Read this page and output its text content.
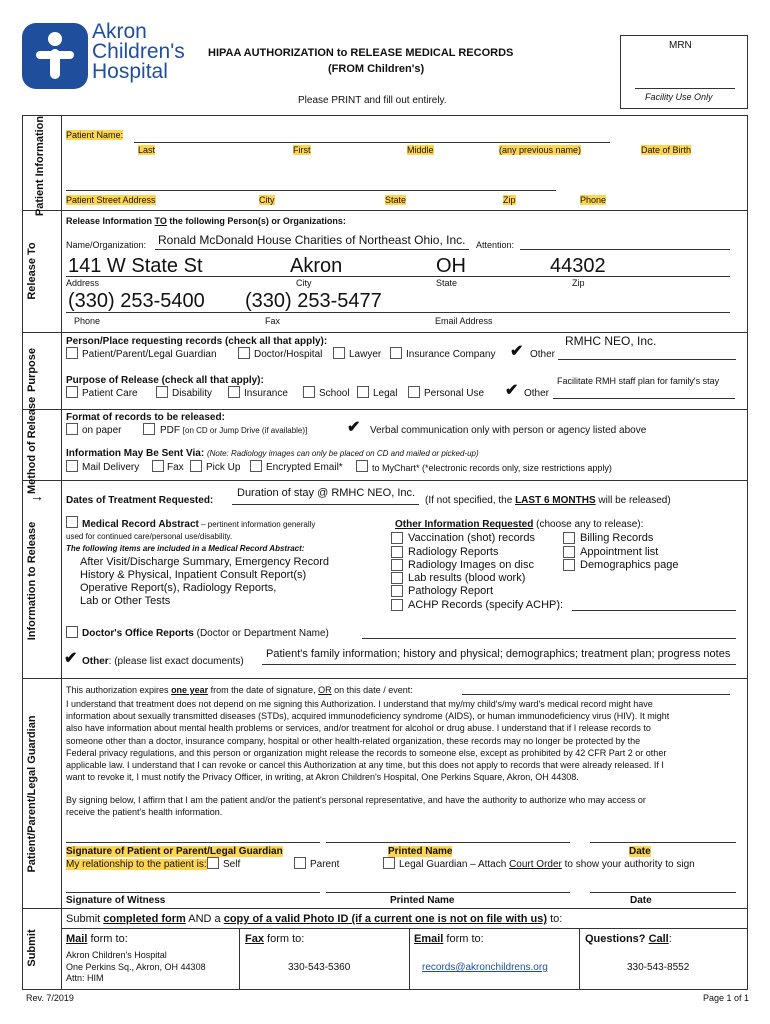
Akron
Children's
Hospital
HIPAA AUTHORIZATION to RELEASE MEDICAL RECORDS
(FROM Children's)
Please PRINT and fill out entirely.
MRN
Facility Use Only
Patient Information
Release To
Purpose
Method of Release
Information to Release
Patient/Parent/Legal Guardian
Submit
Patient Name:
Last	First	Middle	(any previous name)	Date of Birth
Patient Street Address	City	State	Zip	Phone
Release Information TO the following Person(s) or Organizations:
Name/Organization: Ronald McDonald House Charities of Northeast Ohio, Inc. Attention:
141 W State St	Akron	OH	44302
Address	City	State	Zip
(330) 253-5400 (330) 253-5477
Phone	Fax	Email Address
Person/Place requesting records (check all that apply):
Patient/Parent/Legal Guardian	Doctor/Hospital	Lawyer Insurance Company ✔ Other
RMHC NEO, Inc.
Purpose of Release (check all that apply):
Patient Care	Disability	Insurance	School Legal	Personal Use ✔ Other
Facilitate RMH staff plan for family's stay
Format of records to be released:
on paper	PDF [on CD or Jump Drive (if available)] ✔ Verbal communication only with person or agency listed above
Information May Be Sent Via: (Note: Radiology images can only be placed on CD and mailed or picked-up)
Mail Delivery	Fax Pick Up	Encrypted Email*	to MyChart* (*electronic records only, size restrictions apply)
→ Dates of Treatment Requested:
Duration of stay @ RMHC NEO, Inc.
(If not specified, the LAST 6 MONTHS will be released)
Medical Record Abstract – pertinent information generally
used for continued care/personal use/disability.
The following items are included in a Medical Record Abstract:
After Visit/Discharge Summary, Emergency Record
History & Physical, Inpatient Consult Report(s)
Operative Report(s), Radiology Reports,
Lab or Other Tests
Other Information Requested (choose any to release):
Vaccination (shot) records
Radiology Reports
Radiology Images on disc
Lab results (blood work)
Pathology Report
ACHP Records (specify ACHP):
Billing Records
Appointment list
Demographics page
Doctor's Office Reports (Doctor or Department Name)
✔ Other: (please list exact documents)
Patient's family information; history and physical; demographics; treatment plan; progress notes
This authorization expires one year from the date of signature, OR on this date / event:
I understand that treatment does not depend on me signing this Authorization. I understand that my/my child's/my ward's medical record might have
information about sexually transmitted diseases (STDs), acquired immunodeficiency syndrome (AIDS), or human immunodeficiency virus (HIV). It might
also have information about mental health problems or services, and/or treatment for alcohol or drug abuse. I understand that if I release records to
someone other than a doctor, insurance company, hospital or other health-related organization, these records may no longer be protected by the
Federal privacy regulations, and this person or organization might release the records to someone else, except as prohibited by 42 CFR Part 2 or other
applicable law. I understand that I can revoke or cancel this Authorization at any time, but this does not apply to records that were already released. If I
want to revoke it, I must notify the Privacy Officer, in writing, at Akron Children's Hospital, One Perkins Square, Akron, OH 44308.
By signing below, I affirm that I am the patient and/or the patient's personal representative, and have the authority to authorize who may access or
receive the patient's health information.
Signature of Patient or Parent/Legal Guardian	Printed Name	Date
My relationship to the patient is: Self	Parent	Legal Guardian – Attach Court Order to show your authority to sign
Signature of Witness	Printed Name	Date
Submit completed form AND a copy of a valid Photo ID (if a current one is not on file with us) to:
Mail form to:	Fax form to:	Email form to:	Questions? Call:
Akron Children's Hospital
One Perkins Sq., Akron, OH 44308
Attn: HIM
330-543-5360	records@akronchildrens.org	330-543-8552
Rev. 7/2019	Page 1 of 1
